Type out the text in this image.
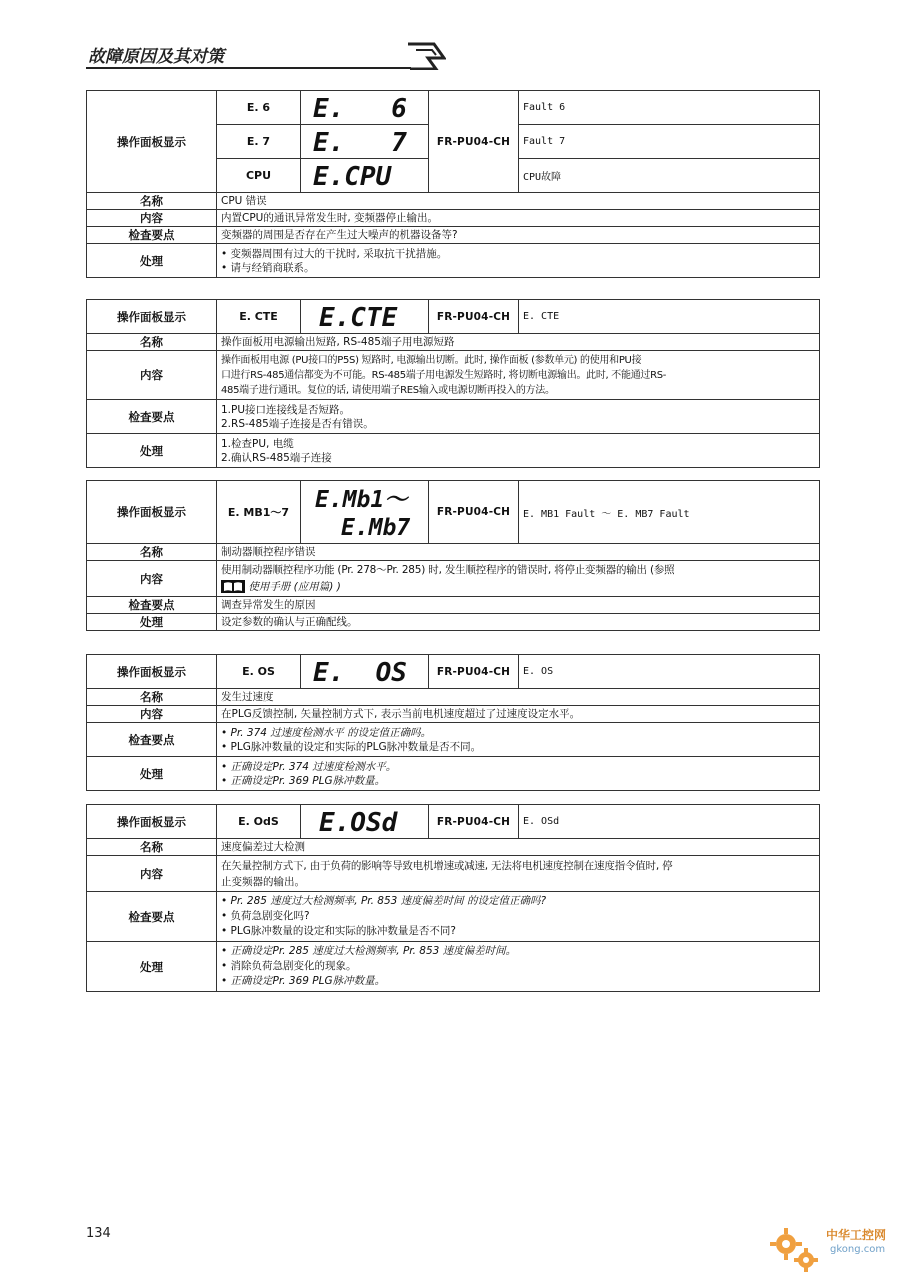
故障原因及其对策
操作面板显示	E. 6	E.   6	FR-PU04-CH	Fault 6
	E. 7	E.   7		Fault 7
	CPU	E.CPU		CPU故障
名称	CPU 错误			

内容	内置CPU的通讯异常发生时, 变频器停止输出。			

检查要点	变频器的周围是否存在产生过大噪声的机器设备等?			

处理	• 变频器周围有过大的干扰时, 采取抗干扰措施。
• 请与经销商联系。			
操作面板显示	E. CTE	E.CTE	FR-PU04-CH	E. CTE
名称	操作面板用电源输出短路, RS-485端子用电源短路			

内容	操作面板用电源 (PU接口的P5S) 短路时, 电源输出切断。此时, 操作面板 (参数单元) 的使用和PU接
口进行RS-485通信都变为不可能。RS-485端子用电源发生短路时, 将切断电源输出。此时, 不能通过RS-
485端子进行通讯。复位的话, 请使用端子RES输入或电源切断再投入的方法。			

检查要点	1.PU接口连接线是否短路。
2.RS-485端子连接是否有错误。			

处理	1.检查PU, 电缆
2.确认RS-485端子连接			
操作面板显示	E. MB1～7	E.Mb1～
E.Mb7	FR-PU04-CH	E. MB1 Fault ～ E. MB7 Fault
名称	制动器顺控程序错误			

内容	使用制动器顺控程序功能 (Pr. 278～Pr. 285) 时, 发生顺控程序的错误时, 将停止变频器的输出 (参照
使用手册 (应用篇) )			

检查要点	调查异常发生的原因			

处理	设定参数的确认与正确配线。			
操作面板显示	E. OS	E.  OS	FR-PU04-CH	E. OS
名称	发生过速度			

内容	在PLG反馈控制, 矢量控制方式下, 表示当前电机速度超过了过速度设定水平。			

检查要点	• Pr. 374 过速度检测水平 的设定值正确吗。
• PLG脉冲数量的设定和实际的PLG脉冲数量是否不同。			

处理	• 正确设定Pr. 374 过速度检测水平。
• 正确设定Pr. 369 PLG脉冲数量。			
操作面板显示	E. OdS	E.OSd	FR-PU04-CH	E. OSd
名称	速度偏差过大检测			

内容	在矢量控制方式下, 由于负荷的影响等导致电机增速或减速, 无法将电机速度控制在速度指令值时, 停
止变频器的输出。			

检查要点	• Pr. 285 速度过大检测频率, Pr. 853 速度偏差时间 的设定值正确吗?
• 负荷急剧变化吗?
• PLG脉冲数量的设定和实际的脉冲数量是否不同?			

处理	• 正确设定Pr. 285 速度过大检测频率, Pr. 853 速度偏差时间。
• 消除负荷急剧变化的现象。
• 正确设定Pr. 369 PLG脉冲数量。			
134	中华工控网
gkong.com
